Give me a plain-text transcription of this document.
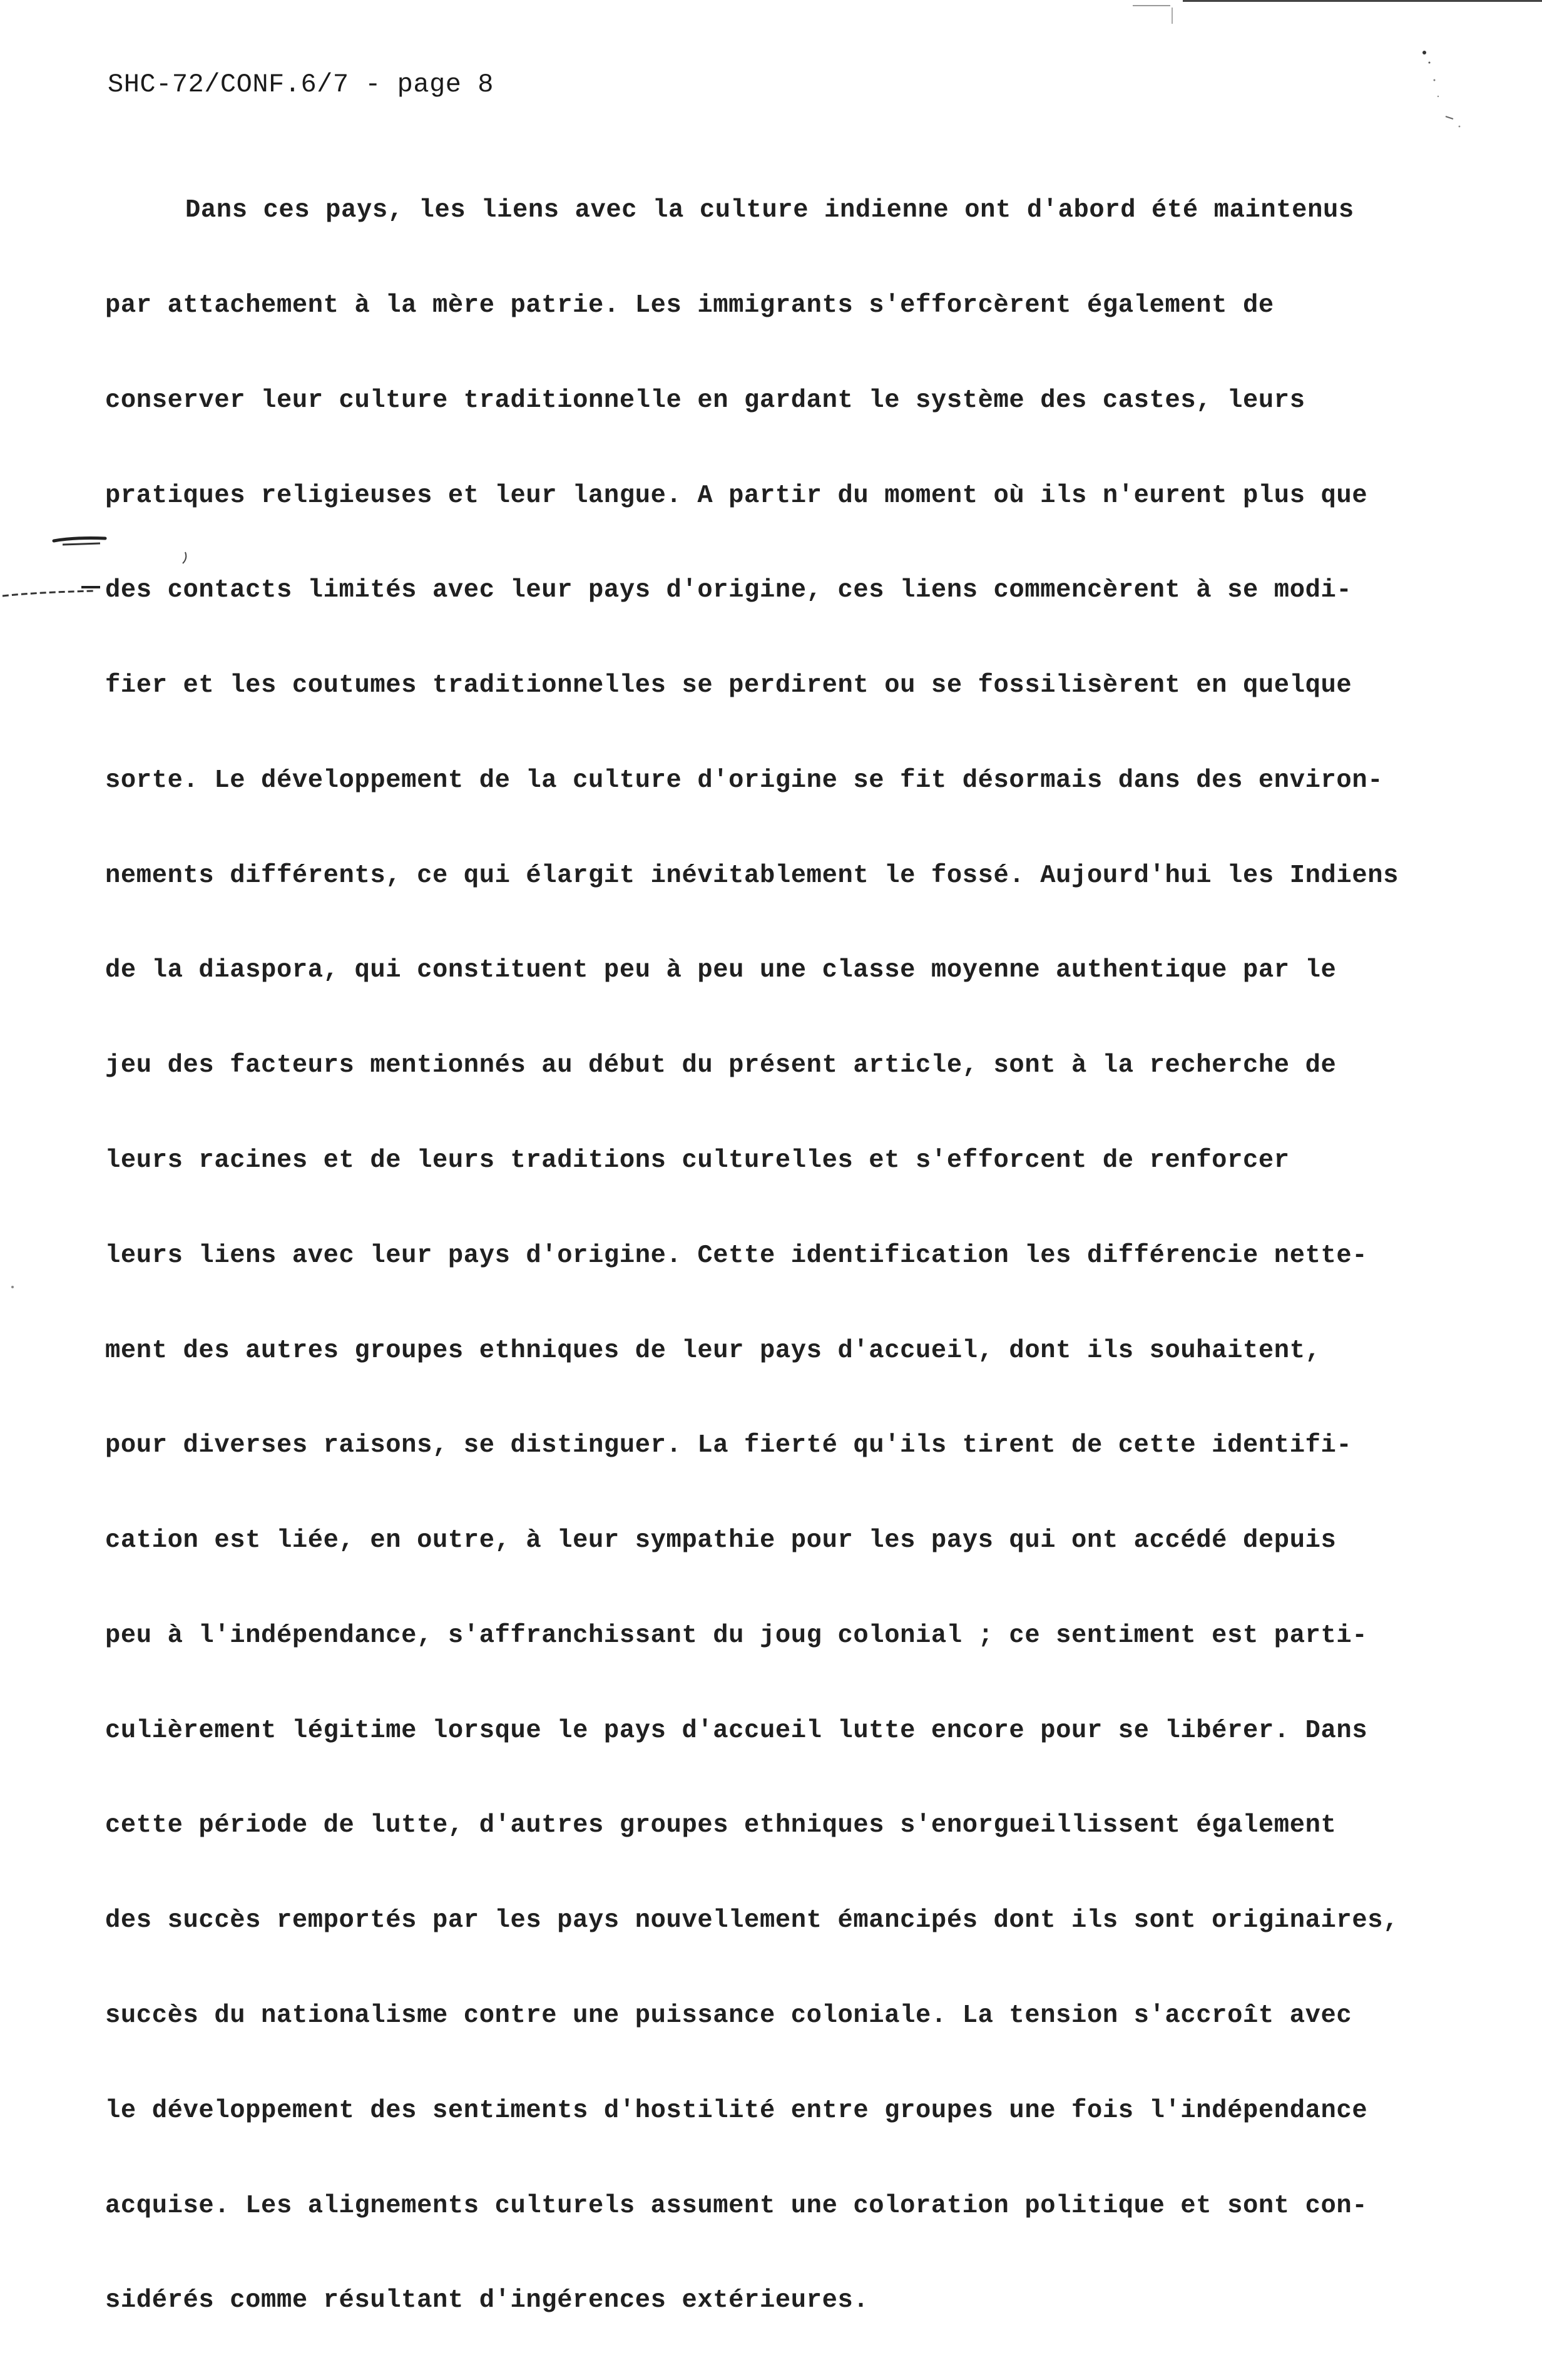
SHC-72/CONF.6/7 - page 8

Dans ces pays, les liens avec la culture indienne ont d'abord été maintenus

par attachement à la mère patrie. Les immigrants s'efforcèrent également de

conserver leur culture traditionnelle en gardant le système des castes, leurs

pratiques religieuses et leur langue. A partir du moment où ils n'eurent plus que

des contacts limités avec leur pays d'origine, ces liens commencèrent à se modi-

fier et les coutumes traditionnelles se perdirent ou se fossilisèrent en quelque

sorte. Le développement de la culture d'origine se fit désormais dans des environ-

nements différents, ce qui élargit inévitablement le fossé. Aujourd'hui les Indiens

de la diaspora, qui constituent peu à peu une classe moyenne authentique par le

jeu des facteurs mentionnés au début du présent article, sont à la recherche de

leurs racines et de leurs traditions culturelles et s'efforcent de renforcer

leurs liens avec leur pays d'origine. Cette identification les différencie nette-

ment des autres groupes ethniques de leur pays d'accueil, dont ils souhaitent,

pour diverses raisons, se distinguer. La fierté qu'ils tirent de cette identifi-

cation est liée, en outre, à leur sympathie pour les pays qui ont accédé depuis

peu à l'indépendance, s'affranchissant du joug colonial ; ce sentiment est parti-

culièrement légitime lorsque le pays d'accueil lutte encore pour se libérer. Dans

cette période de lutte, d'autres groupes ethniques s'enorgueillissent également

des succès remportés par les pays nouvellement émancipés dont ils sont originaires,

succès du nationalisme contre une puissance coloniale. La tension s'accroît avec

le développement des sentiments d'hostilité entre groupes une fois l'indépendance

acquise. Les alignements culturels assument une coloration politique et sont con-

sidérés comme résultant d'ingérences extérieures.
